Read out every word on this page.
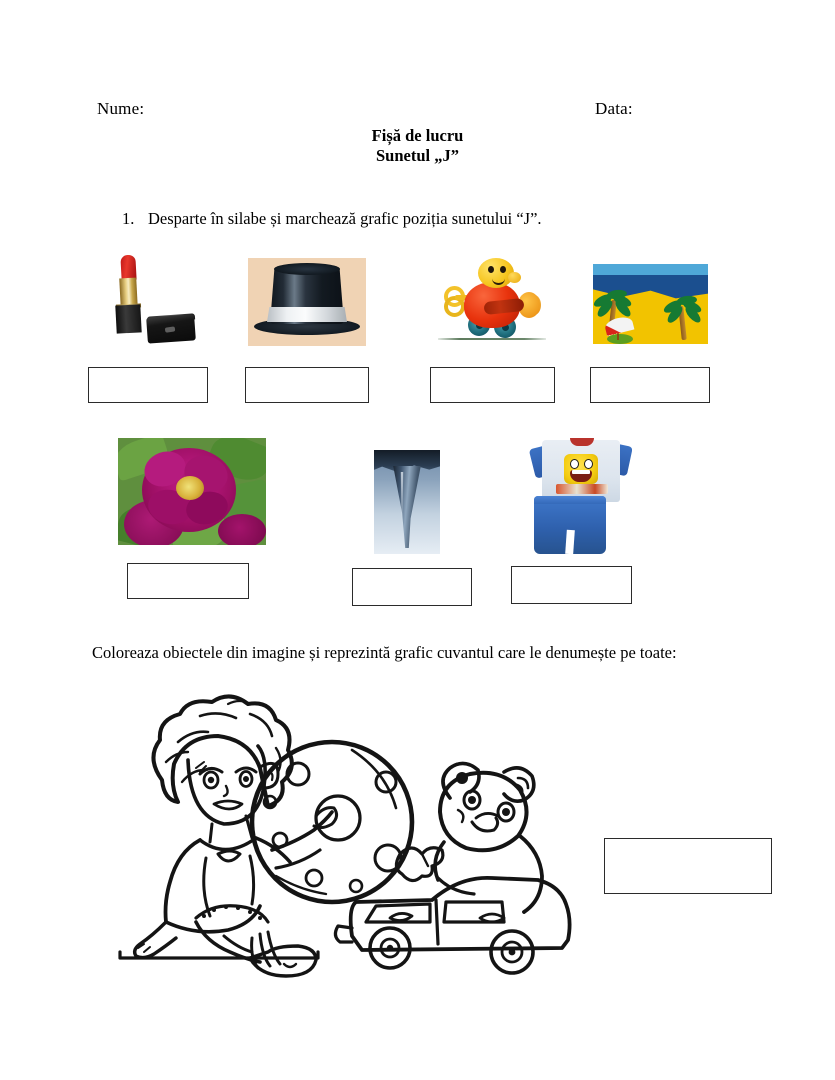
Nume:	Data:
Fișă de lucru
Sunetul „J”
1. Desparte în silabe și marchează grafic poziția sunetului “J”.
Coloreaza obiectele din imagine și reprezintă grafic cuvantul care le denumește pe toate:
